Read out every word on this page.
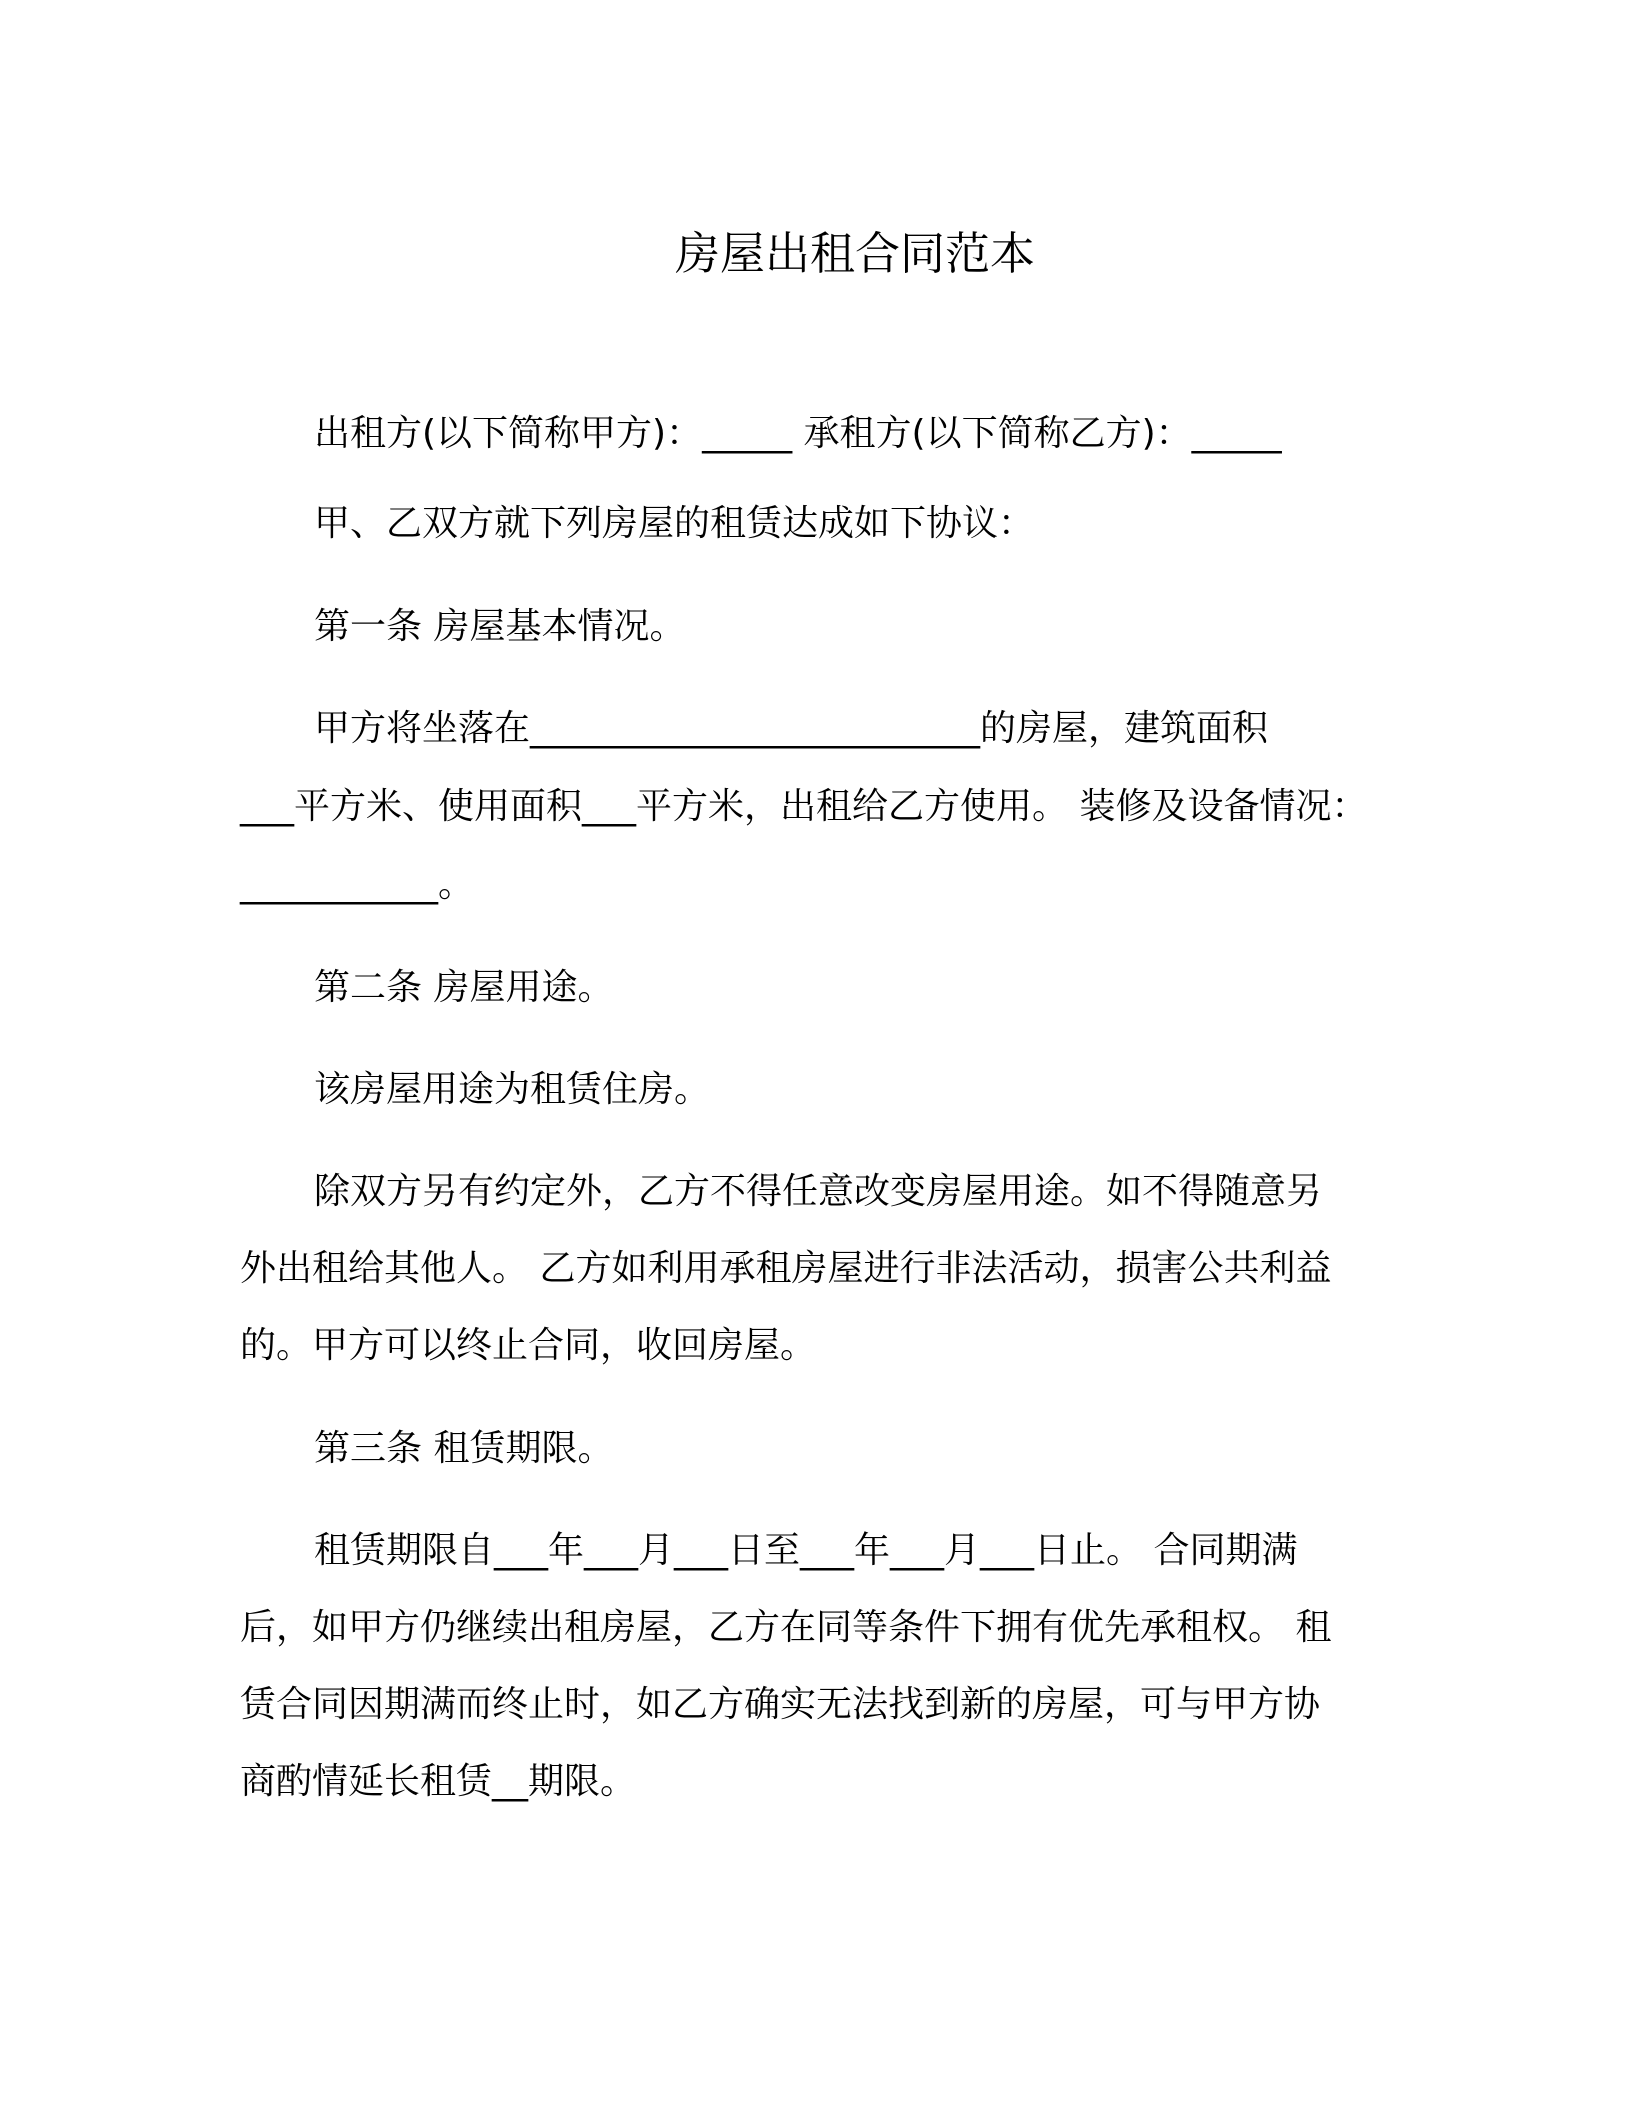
房屋出租合同范本

出租方(以下简称甲方)：_____ 承租方(以下简称乙方)：_____

甲、乙双方就下列房屋的租赁达成如下协议：

第一条 房屋基本情况。

甲方将坐落在_________________________的房屋，建筑面积

___平方米、使用面积___平方米，出租给乙方使用。 装修及设备情况：

___________。

第二条 房屋用途。

该房屋用途为租赁住房。

除双方另有约定外，乙方不得任意改变房屋用途。如不得随意另

外出租给其他人。 乙方如利用承租房屋进行非法活动，损害公共利益

的。甲方可以终止合同，收回房屋。

第三条 租赁期限。

租赁期限自___年___月___日至___年___月___日止。 合同期满

后，如甲方仍继续出租房屋，乙方在同等条件下拥有优先承租权。 租

赁合同因期满而终止时，如乙方确实无法找到新的房屋，可与甲方协

商酌情延长租赁__期限。
